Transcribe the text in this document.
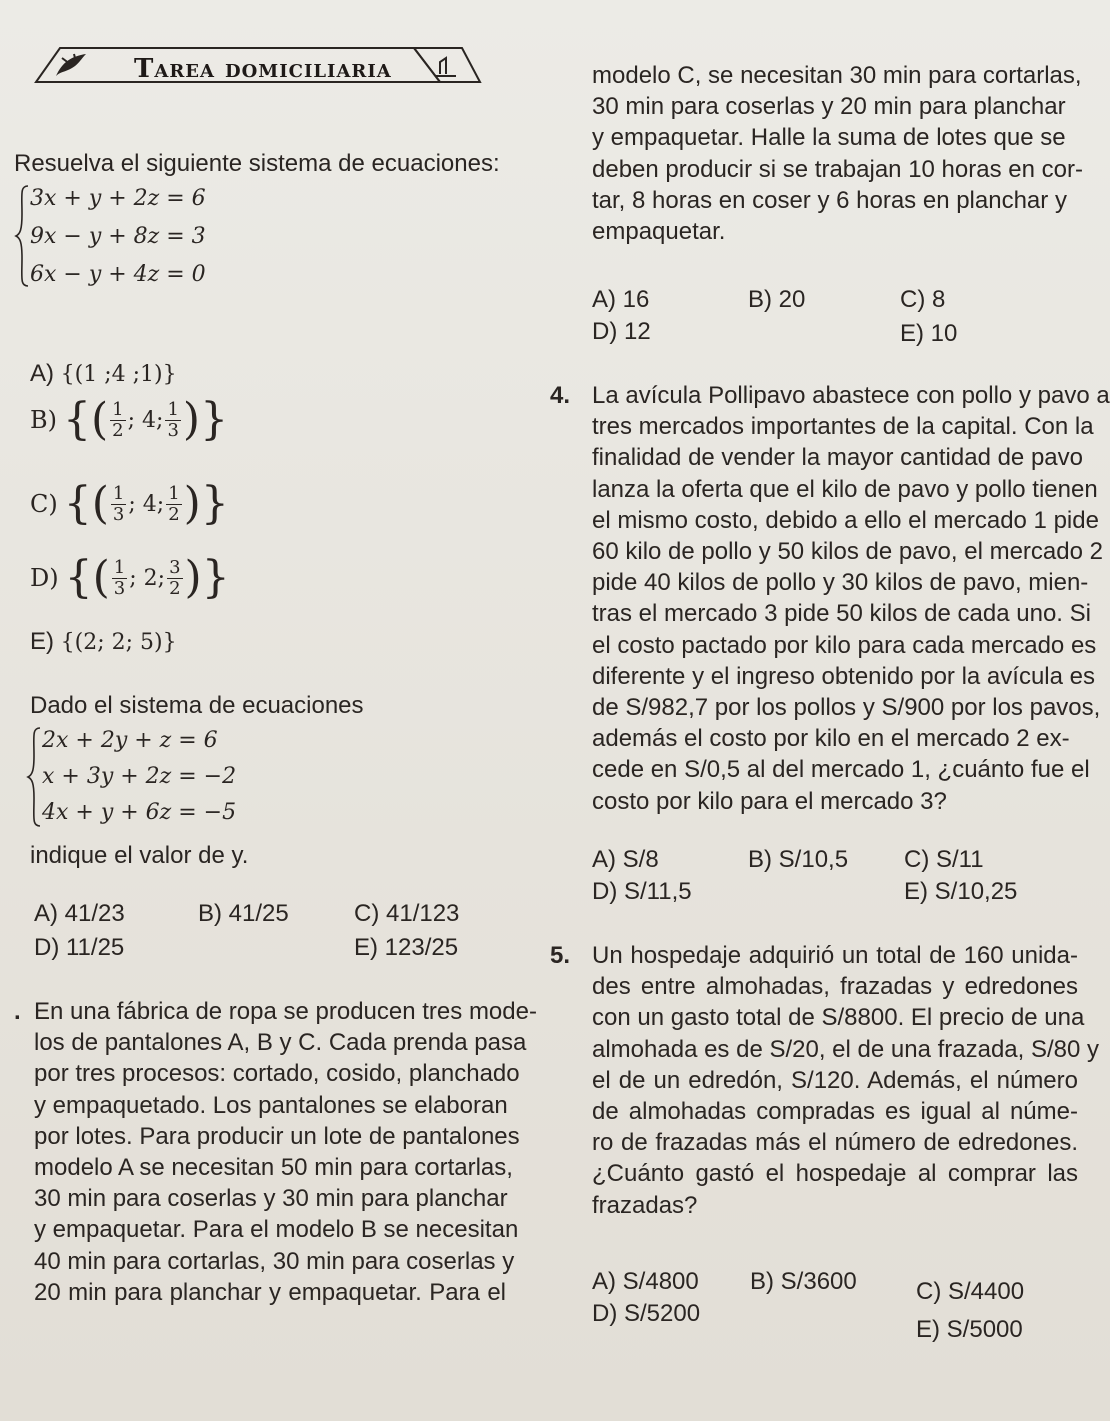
Tarea domiciliaria
Resuelva el siguiente sistema de ecuaciones:
3x + y + 2z = 6
9x − y + 8z = 3
6x − y + 4z = 0
A) {(1 ;4 ;1)}
B) { ( $\frac{1}{2}$ ; 4; $\frac{1}{3}$ ) }
C) { ( $\frac{1}{3}$ ; 4; $\frac{1}{2}$ ) }
D) { ( $\frac{1}{3}$ ; 2; $\frac{3}{2}$ ) }
E) {(2; 2; 5)}
Dado el sistema de ecuaciones
2x + 2y + z = 6
x + 3y + 2z = −2
4x + y + 6z = −5
indique el valor de y.
A) 41/23	B) 41/25	C) 41/123
D) 11/25	E) 123/25
. En una fábrica de ropa se producen tres mode-
los de pantalones A, B y C. Cada prenda pasa
por tres procesos: cortado, cosido, planchado
y empaquetado. Los pantalones se elaboran
por lotes. Para producir un lote de pantalones
modelo A se necesitan 50 min para cortarlas,
30 min para coserlas y 30 min para planchar
y empaquetar. Para el modelo B se necesitan
40 min para cortarlas, 30 min para coserlas y
20 min para planchar y empaquetar. Para el
modelo C, se necesitan 30 min para cortarlas,
30 min para coserlas y 20 min para planchar
y empaquetar. Halle la suma de lotes que se
deben producir si se trabajan 10 horas en cor-
tar, 8 horas en coser y 6 horas en planchar y
empaquetar.
A) 16	B) 20	C) 8
D) 12	E) 10
4. La avícula Pollipavo abastece con pollo y pavo a
tres mercados importantes de la capital. Con la
finalidad de vender la mayor cantidad de pavo
lanza la oferta que el kilo de pavo y pollo tienen
el mismo costo, debido a ello el mercado 1 pide
60 kilo de pollo y 50 kilos de pavo, el mercado 2
pide 40 kilos de pollo y 30 kilos de pavo, mien-
tras el mercado 3 pide 50 kilos de cada uno. Si
el costo pactado por kilo para cada mercado es
diferente y el ingreso obtenido por la avícula es
de S/982,7 por los pollos y S/900 por los pavos,
además el costo por kilo en el mercado 2 ex-
cede en S/0,5 al del mercado 1, ¿cuánto fue el
costo por kilo para el mercado 3?
A) S/8	B) S/10,5 C) S/11
D) S/11,5	E) S/10,25
5. Un hospedaje adquirió un total de 160 unida-
des entre almohadas, frazadas y edredones
con un gasto total de S/8800. El precio de una
almohada es de S/20, el de una frazada, S/80 y
el de un edredón, S/120. Además, el número
de almohadas compradas es igual al núme-
ro de frazadas más el número de edredones.
¿Cuánto gastó el hospedaje al comprar las
frazadas?
A) S/4800 B) S/3600 C) S/4400
D) S/5200
E) S/5000
